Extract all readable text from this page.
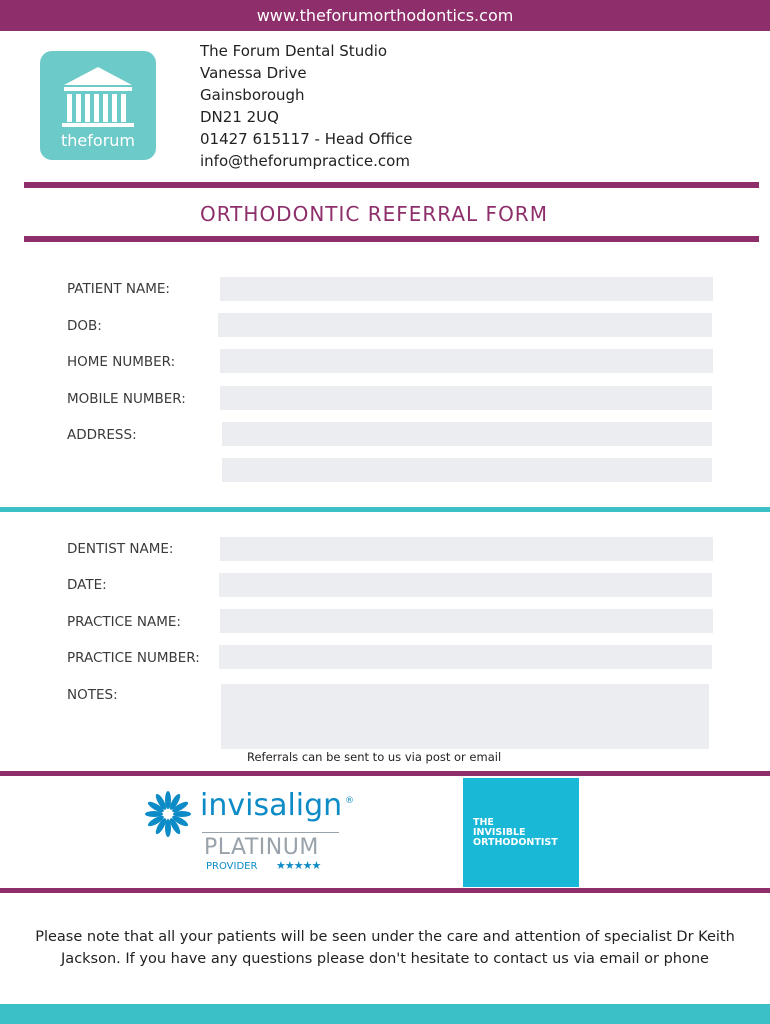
www.theforumorthodontics.com
theforum
The Forum Dental Studio
Vanessa Drive
Gainsborough
DN21 2UQ
01427 615117 - Head Office
info@theforumpractice.com
ORTHODONTIC REFERRAL FORM
PATIENT NAME:
DOB:
HOME NUMBER:
MOBILE NUMBER:
ADDRESS:
DENTIST NAME:
DATE:
PRACTICE NAME:
PRACTICE NUMBER:
NOTES:
Referrals can be sent to us via post or email
invisalign ®
PLATINUM
PROVIDER ★★★★★
THE
INVISIBLE
ORTHODONTIST
Please note that all your patients will be seen under the care and attention of specialist Dr Keith
Jackson. If you have any questions please don't hesitate to contact us via email or phone
